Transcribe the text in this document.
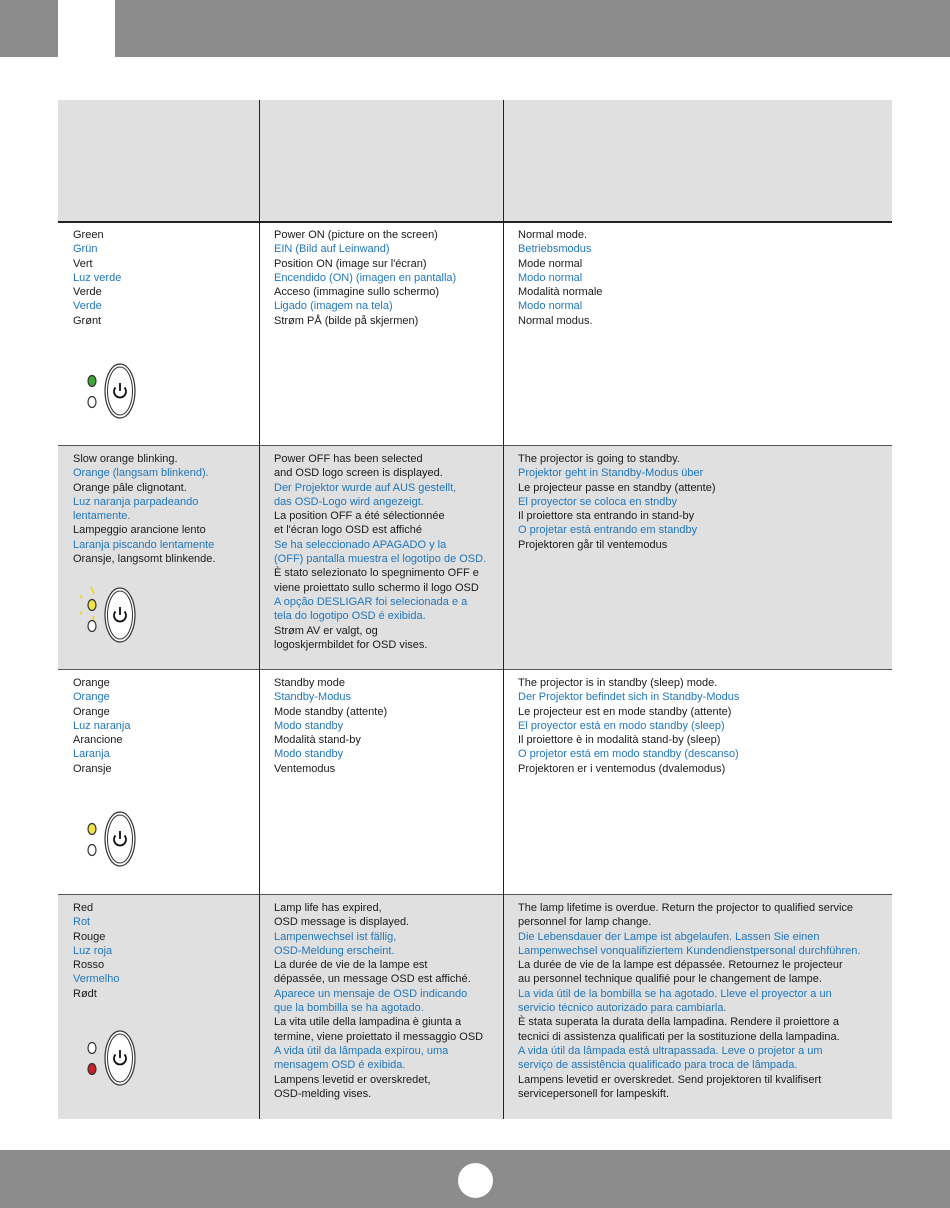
Green
Grün
Vert
Luz verde
Verde
Verde
Grønt
Power ON (picture on the screen)
EIN (Bild auf Leinwand)
Position ON (image sur l'écran)
Encendido (ON) (imagen en pantalla)
Acceso (immagine sullo schermo)
Ligado (imagem na tela)
Strøm PÅ (bilde på skjermen)
Normal mode.
Betriebsmodus
Mode normal
Modo normal
Modalità normale
Modo normal
Normal modus.
Slow orange blinking.
Orange (langsam blinkend).
Orange pâle clignotant.
Luz naranja parpadeando
lentamente.
Lampeggio arancione lento
Laranja piscando lentamente
Oransje, langsomt blinkende.
Power OFF has been selected
and OSD logo screen is displayed.
Der Projektor wurde auf AUS gestellt,
das OSD-Logo wird angezeigt.
La position OFF a été sélectionnée
et l'écran logo OSD est affiché
Se ha seleccionado APAGADO y la
(OFF) pantalla muestra el logotipo de OSD.
È stato selezionato lo spegnimento OFF e
viene proiettato sullo schermo il logo OSD
A opção DESLIGAR foi selecionada e a
tela do logotipo OSD é exibida.
Strøm AV er valgt, og
logoskjermbildet for OSD vises.
The projector is going to standby.
Projektor geht in Standby-Modus über
Le projecteur passe en standby (attente)
El proyector se coloca en stndby
Il proiettore sta entrando in stand-by
O projetar está entrando em standby
Projektoren går til ventemodus
Orange
Orange
Orange
Luz naranja
Arancione
Laranja
Oransje
Standby mode
Standby-Modus
Mode standby (attente)
Modo standby
Modalità stand-by
Modo standby
Ventemodus
The projector is in standby (sleep) mode.
Der Projektor befindet sich in Standby-Modus
Le projecteur est en mode standby (attente)
El proyector está en modo standby (sleep)
Il proiettore è in modalità stand-by (sleep)
O projetor está em modo standby (descanso)
Projektoren er i ventemodus (dvalemodus)
Red
Rot
Rouge
Luz roja
Rosso
Vermelho
Rødt
Lamp life has expired,
OSD message is displayed.
Lampenwechsel ist fällig,
OSD-Meldung erscheint.
La durée de vie de la lampe est
dépassée, un message OSD est affiché.
Aparece un mensaje de OSD indicando
que la bombilla se ha agotado.
La vita utile della lampadina è giunta a
termine, viene proiettato il messaggio OSD
A vida útil da lâmpada expirou, uma
mensagem OSD é exibida.
Lampens levetid er overskredet,
OSD-melding vises.
The lamp lifetime is overdue. Return the projector to qualified service
personnel for lamp change.
Die Lebensdauer der Lampe ist abgelaufen. Lassen Sie einen
Lampenwechsel vonqualifiziertem Kundendienstpersonal durchführen.
La durée de vie de la lampe est dépassée. Retournez le projecteur
au personnel technique qualifié pour le changement de lampe.
La vida útil de la bombilla se ha agotado. Lleve el proyector a un
servicio técnico autorizado para cambiarla.
È stata superata la durata della lampadina. Rendere il proiettore a
tecnici di assistenza qualificati per la sostituzione della lampadina.
A vida útil da lâmpada está ultrapassada. Leve o projetor a um
serviço de assistência qualificado para troca de lâmpada.
Lampens levetid er overskredet. Send projektoren til kvalifisert
servicepersonell for lampeskift.
